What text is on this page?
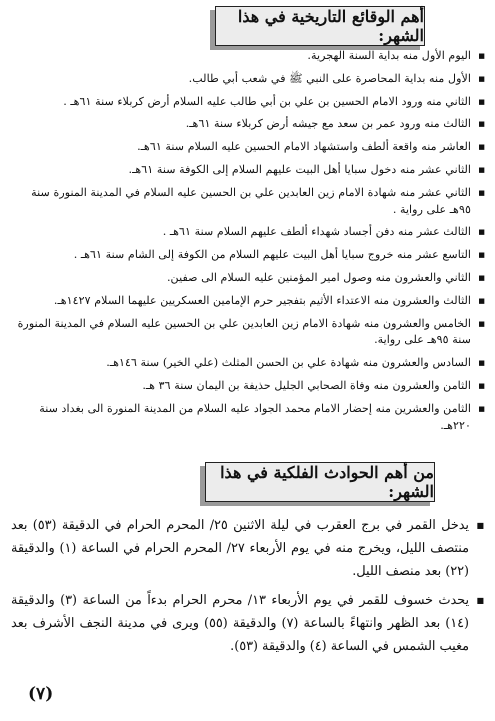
أهم الوقائع التاريخية في هذا الشهر:
■ اليوم الأول منه بداية السنة الهجرية.
■ الأول منه بداية المحاصرة على النبي ﷺ في شعب أبي طالب.
■ الثاني منه ورود الامام الحسين بن علي بن أبي طالب عليه السلام أرض كربلاء سنة ٦١هـ .
■ الثالث منه ورود عمر بن سعد مع جيشه أرض كربلاء سنة ٦١هـ.
■ العاشر منه واقعة ألطف واستشهاد الامام الحسين عليه السلام سنة ٦١هـ.
■ الثاني عشر منه دخول سبايا أهل البيت عليهم السلام إلى الكوفة سنة ٦١هـ.
■ الثاني عشر منه شهادة الامام زين العابدين علي بن الحسين عليه السلام في المدينة المنورة سنة ٩٥هـ على رواية .
■ الثالث عشر منه دفن أجساد شهداء ألطف عليهم السلام سنة ٦١هـ .
■ التاسع عشر منه خروج سبايا أهل البيت عليهم السلام من الكوفة إلى الشام سنة ٦١هـ .
■ الثاني والعشرون منه وصول امير المؤمنين عليه السلام الى صفين.
■ الثالث والعشرون منه الاعتداء الأثيم بتفجير حرم الإمامين العسكريين عليهما السلام ١٤٢٧هـ.
■ الخامس والعشرون منه شهادة الامام زين العابدين علي بن الحسين عليه السلام في المدينة المنورة سنة ٩٥هـ على رواية.
■ السادس والعشرون منه شهادة علي بن الحسن المثلث (علي الخير) سنة ١٤٦هـ.
■ الثامن والعشرون منه وفاة الصحابي الجليل حذيفة بن اليمان سنة ٣٦ هـ.
■ الثامن والعشرين منه إحضار الامام محمد الجواد عليه السلام من المدينة المنورة الى بغداد سنة ٢٢٠هـ.
من أهم الحوادث الفلكية في هذا الشهر:
■ يدخل القمر في برج العقرب في ليلة الاثنين ٢٥/ المحرم الحرام في الدقيقة (٥٣) بعد منتصف الليل، ويخرج منه في يوم الأربعاء ٢٧/ المحرم الحرام في الساعة (١) والدقيقة (٢٢) بعد منصف الليل.
■ يحدث خسوف للقمر في يوم الأربعاء ١٣/ محرم الحرام بدءاً من الساعة (٣) والدقيقة (١٤) بعد الظهر وانتهاءً بالساعة (٧) والدقيقة (٥٥) ويرى في مدينة النجف الأشرف بعد مغيب الشمس في الساعة (٤) والدقيقة (٥٣).
(٧)
